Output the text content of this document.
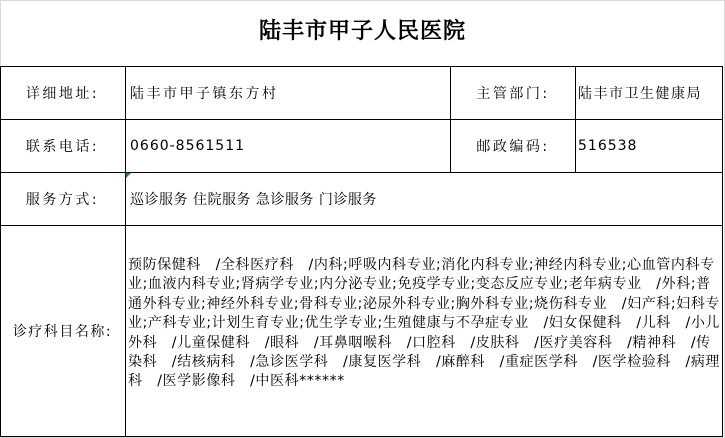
陆丰市甲子人民医院
详细地址:	陆丰市甲子镇东方村	主管部门:	陆丰市卫生健康局
联系电话:	0660-8561511	邮政编码:	516538
服务方式:	巡诊服务 住院服务 急诊服务 门诊服务
诊疗科目名称:
预防保健科　/全科医疗科　/内科;呼吸内科专业;消化内科专业;神经内科专业;心血管内科专业;血液内科专业;肾病学专业;内分泌专业;免疫学专业;变态反应专业;老年病专业　/外科;普通外科专业;神经外科专业;骨科专业;泌尿外科专业;胸外科专业;烧伤科专业　/妇产科;妇科专业;产科专业;计划生育专业;优生学专业;生殖健康与不孕症专业　/妇女保健科　/儿科　/小儿外科　/儿童保健科　/眼科　/耳鼻咽喉科　/口腔科　/皮肤科　/医疗美容科　/精神科　/传染科　/结核病科　/急诊医学科　/康复医学科　/麻醉科　/重症医学科　/医学检验科　/病理科　/医学影像科　/中医科******
